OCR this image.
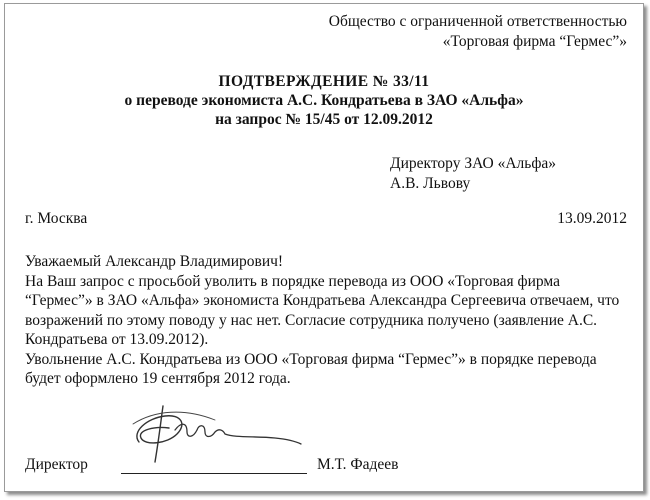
Общество с ограниченной ответственностью
«Торговая фирма “Гермес”»
ПОДТВЕРЖДЕНИЕ № 33/11
о переводе экономиста А.С. Кондратьева в ЗАО «Альфа»
на запрос № 15/45 от 12.09.2012
Директору ЗАО «Альфа»
А.В. Львову
г. Москва	13.09.2012

Уважаемый Александр Владимирович!

На Ваш запрос с просьбой уволить в порядке перевода из ООО «Торговая фирма “Гермес”» в ЗАО «Альфа» экономиста Кондратьева Александра Сергеевича отвечаем, что возражений по этому поводу у нас нет. Согласие сотрудника получено (заявление А.С. Кондратьева от 13.09.2012).

Увольнение А.С. Кондратьева из ООО «Торговая фирма “Гермес”» в порядке перевода будет оформлено 19 сентября 2012 года.

Директор	М.Т. Фадеев
